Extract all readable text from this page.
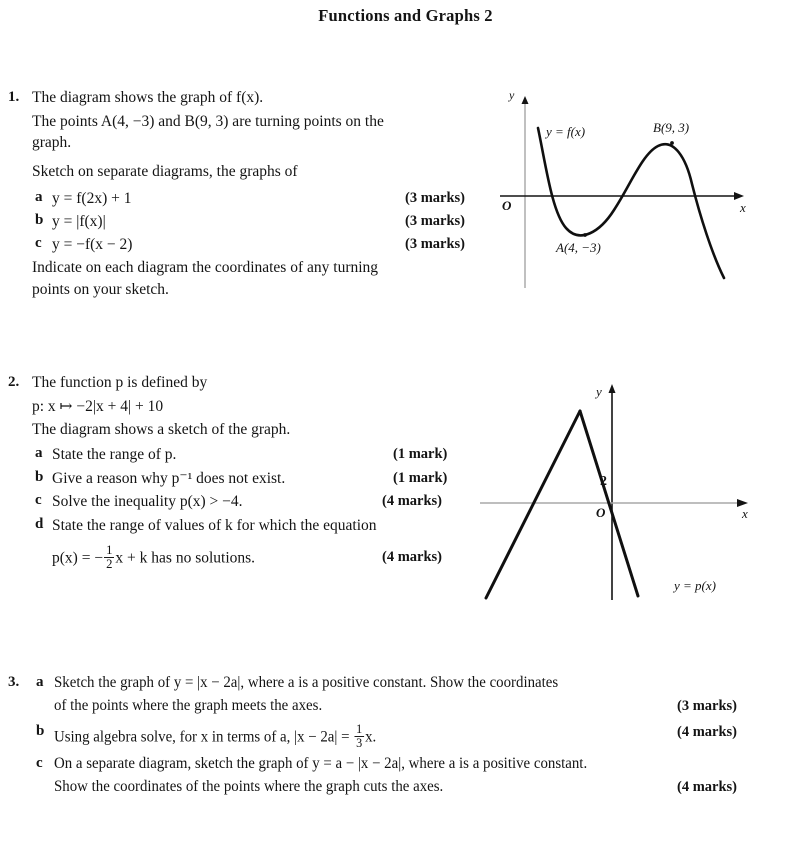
Functions and Graphs 2
1. The diagram shows the graph of f(x).
The points A(4, −3) and B(9, 3) are turning points on the
graph.
Sketch on separate diagrams, the graphs of
a y = f(2x) + 1	(3 marks)
b y = |f(x)|	(3 marks)
c y = −f(x − 2)	(3 marks)
Indicate on each diagram the coordinates of any turning
points on your sketch.
y
O	x
y = f(x)
A(4, −3)
B(9, 3)
2. The function p is defined by
p: x ↦ −2|x + 4| + 10
The diagram shows a sketch of the graph.
a State the range of p.	(1 mark)
b Give a reason why p⁻¹ does not exist.	(1 mark)
c Solve the inequality p(x) > −4.	(4 marks)
d State the range of values of k for which the equation
p(x) = − $\frac{1}{2}$ x + k has no solutions.	(4 marks)
y
O	x
2
y = p(x)
3. a Sketch the graph of y = |x − 2a|, where a is a positive constant. Show the coordinates
of the points where the graph meets the axes.	(3 marks)
b Using algebra solve, for x in terms of a, $|x - 2a| = \frac{1}{3} x$.	(4 marks)
c On a separate diagram, sketch the graph of y = a − |x − 2a|, where a is a positive constant.
Show the coordinates of the points where the graph cuts the axes.	(4 marks)
